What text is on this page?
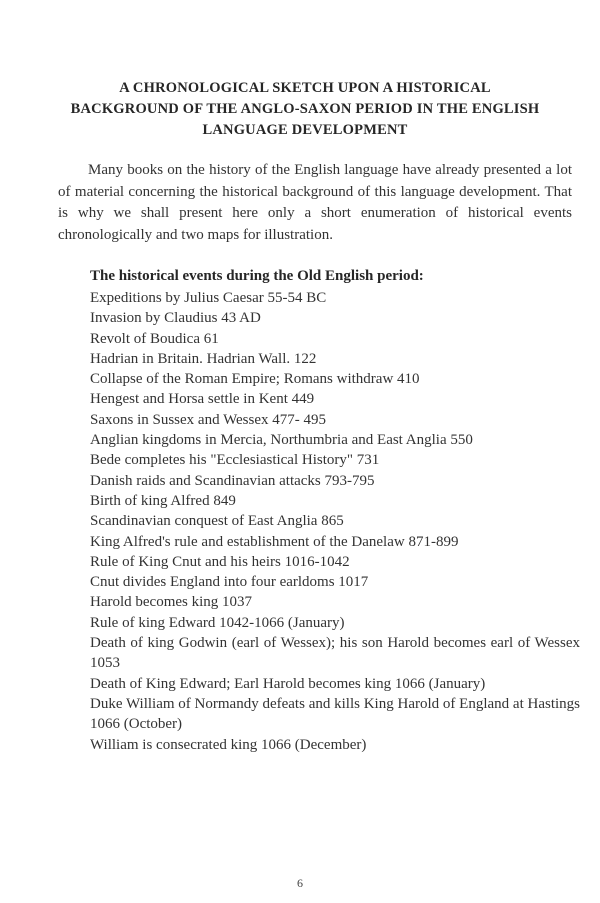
A CHRONOLOGICAL SKETCH UPON A HISTORICAL
BACKGROUND OF THE ANGLO-SAXON PERIOD IN THE ENGLISH
LANGUAGE DEVELOPMENT

Many books on the history of the English language have already presented a lot of material concerning the historical background of this language development. That is why we shall present here only a short enumeration of historical events chronologically and two maps for illustration.

The historical events during the Old English period:

Expeditions by Julius Caesar 55-54 BC
Invasion by Claudius 43 AD
Revolt of Boudica 61
Hadrian in Britain. Hadrian Wall. 122
Collapse of the Roman Empire; Romans withdraw 410
Hengest and Horsa settle in Kent 449
Saxons in Sussex and Wessex 477- 495
Anglian kingdoms in Mercia, Northumbria and East Anglia 550
Bede completes his "Ecclesiastical History" 731
Danish raids and Scandinavian attacks 793-795
Birth of king Alfred 849
Scandinavian conquest of East Anglia 865
King Alfred's rule and establishment of the Danelaw 871-899
Rule of King Cnut and his heirs 1016-1042
Cnut divides England into four earldoms 1017
Harold becomes king 1037
Rule of king Edward 1042-1066 (January)
Death of king Godwin (earl of Wessex); his son Harold becomes earl of Wessex 1053
Death of King Edward; Earl Harold becomes king 1066 (January)
Duke William of Normandy defeats and kills King Harold of England at Hastings 1066 (October)
William is consecrated king 1066 (December)
6
